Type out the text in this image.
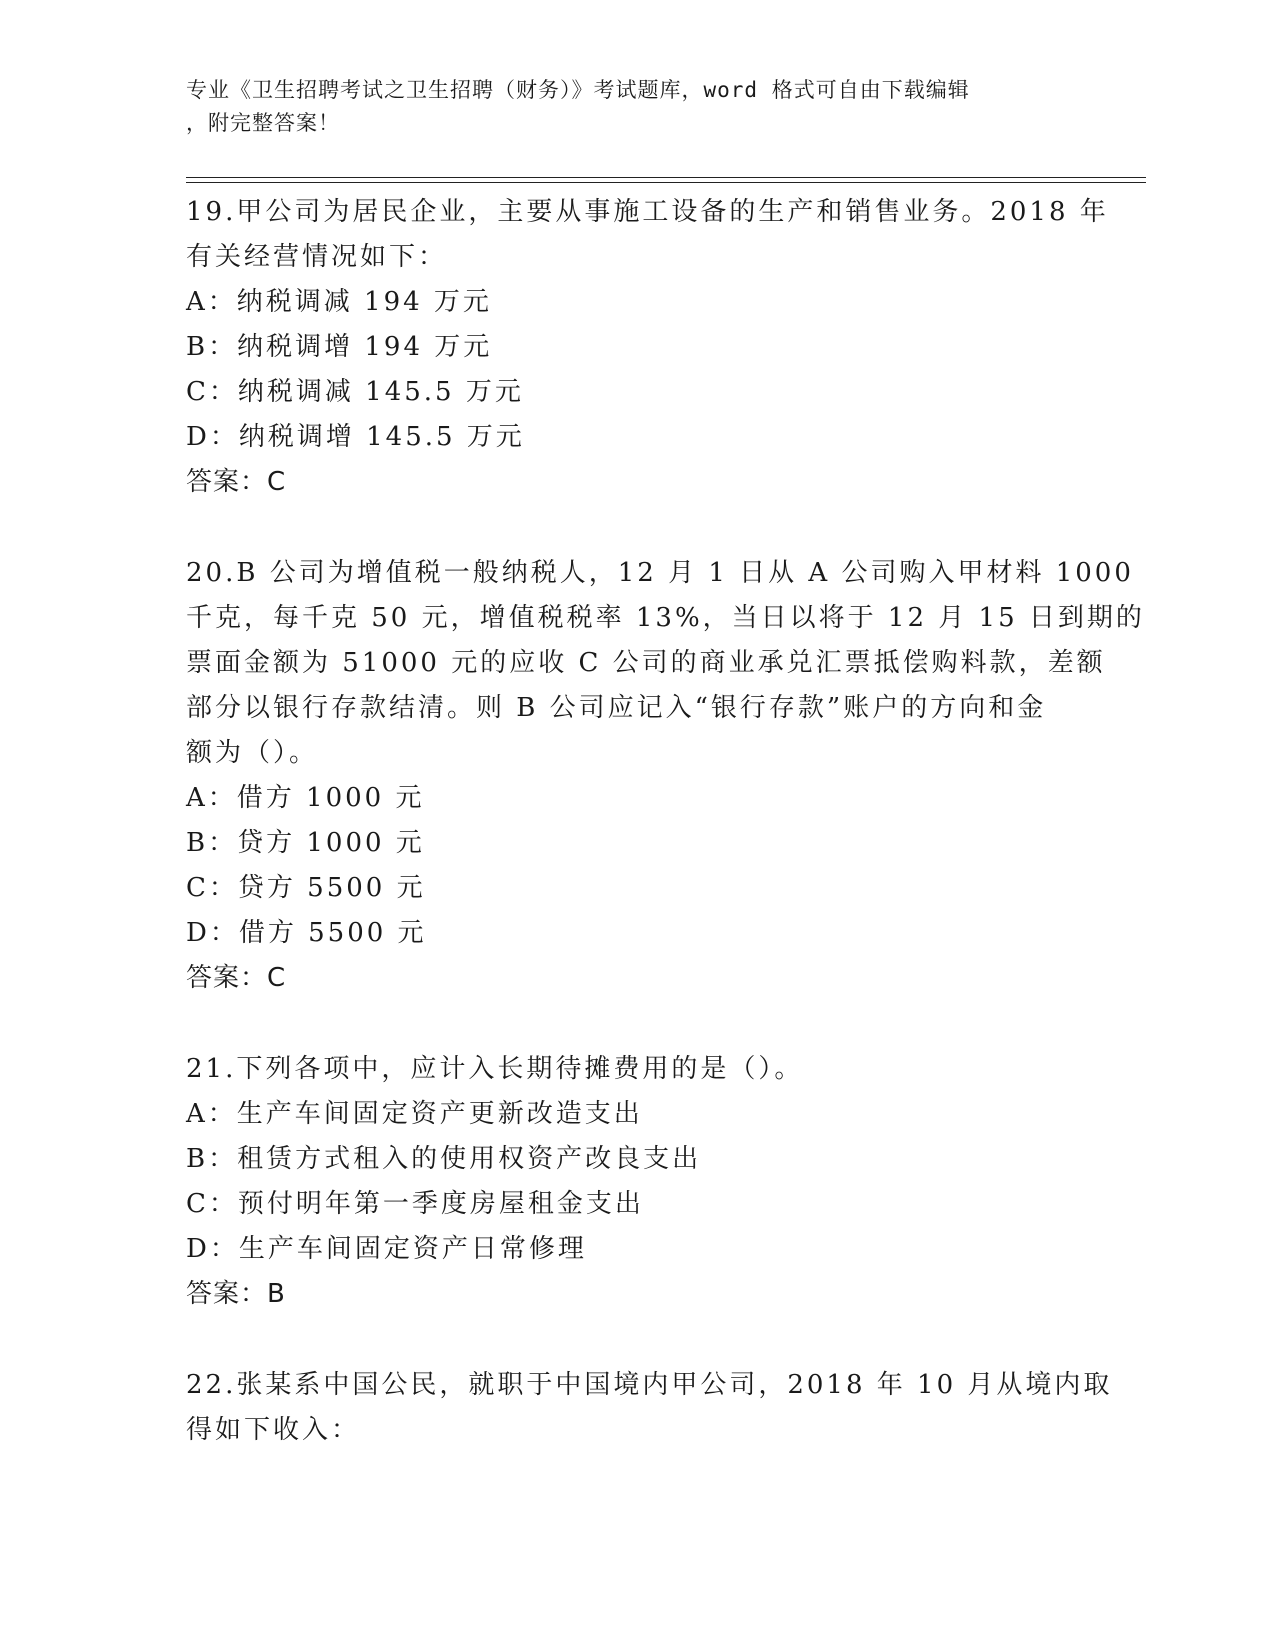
专业《卫生招聘考试之卫生招聘（财务）》考试题库，word 格式可自由下载编辑
，附完整答案！
19.甲公司为居民企业，主要从事施工设备的生产和销售业务。2018 年
有关经营情况如下：
A：纳税调减 194 万元
B：纳税调增 194 万元
C：纳税调减 145.5 万元
D：纳税调增 145.5 万元
答案：C
20.B 公司为增值税一般纳税人，12 月 1 日从 A 公司购入甲材料 1000
千克，每千克 50 元，增值税税率 13%，当日以将于 12 月 15 日到期的
票面金额为 51000 元的应收 C 公司的商业承兑汇票抵偿购料款，差额
部分以银行存款结清。则 B 公司应记入“银行存款”账户的方向和金
额为（）。
A：借方 1000 元
B：贷方 1000 元
C：贷方 5500 元
D：借方 5500 元
答案：C
21.下列各项中，应计入长期待摊费用的是（）。
A：生产车间固定资产更新改造支出
B：租赁方式租入的使用权资产改良支出
C：预付明年第一季度房屋租金支出
D：生产车间固定资产日常修理
答案：B
22.张某系中国公民，就职于中国境内甲公司，2018 年 10 月从境内取
得如下收入：
